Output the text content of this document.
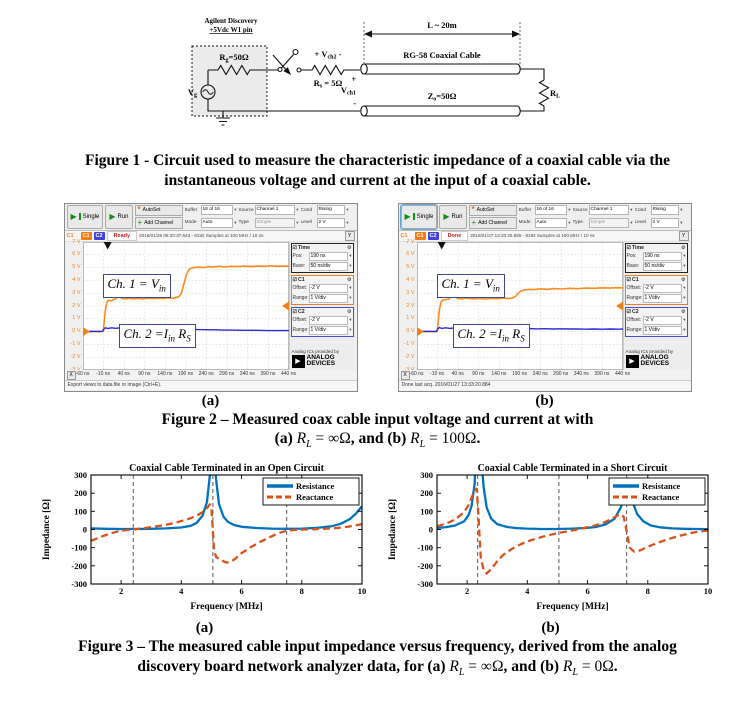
Agilent Discovery
+5Vdc W1 pin
Rg=50Ω
Vg
+ Vch2 -
Rs = 5Ω +
Vch1
-
L ~ 20m
RG-58 Coaxial Cable
Zo=50Ω	RL
Figure 1 - Circuit used to measure the characteristic impedance of a coaxial cable via the
instantaneous voltage and current at the input of a coaxial cable.
▶ Single ▶ Run
* AutoSet
+ Add Channel
Buffer	16 of 16	▾
Mode	Auto	▾
Source Channel 1	▾
Type	Simple	▾
Cond	Rising	▾
Level	2 V	▾
C1	C1	C2	Ready	2016/01/26 09:20:37.643 - 8192 Samples at 100 MHz / 10 ns	Y
7 V
6 V
5 V
4 V
3 V
2 V
1 V
0 V
-1 V
-2 V
Ch. $1 = V_{in}$
Ch. $2 =I_{in}$ $R_S$
☑ Time	⚙
Pos:	190 ns	▾
Base:	50 ns/div	▾
☑ C1	⚙
Offset: -2 V	▾
Range: 1 V/div	▾
☑ C2	⚙
Offset: -2 V	▾
Range: 1 V/div	▾
Analog ICs provided by
▶
ANALOG
DEVICES
X -60 ns -10 ns 40 ns 90 ns 140 ns 190 ns 240 ns 290 ns 340 ns 390 ns 440 ns
Export views to data file or image (Ctrl+E).
(a)
▶ Single ▶ Run
* AutoSet
+ Add Channel
Buffer	16 of 16	▾
Mode	Auto	▾
Source Channel 1	▾
Type	Simple	▾
Cond	Rising	▾
Level	2 V	▾
C1	C1	C2	Done	2016/01/27 13:33:25.865 - 8192 Samples at 100 MHz / 10 ns	Y
7 V
6 V
5 V
4 V
3 V
2 V
1 V
0 V
-1 V
-2 V
Ch. $1 = V_{in}$
Ch. $2 =I_{in}$ $R_S$
☑ Time	⚙
Pos:	190 ns	▾
Base:	50 ns/div	▾
☑ C1	⚙
Offset: -2 V	▾
Range: 1 V/div	▾
☑ C2	⚙
Offset: -2 V	▾
Range: 1 V/div	▾
Analog ICs provided by
▶
ANALOG
DEVICES
X -60 ns -10 ns 40 ns 90 ns 140 ns 190 ns 240 ns 290 ns 340 ns 390 ns 440 ns
Done last acq. 2016/01/27 13:33:20.884
(b)
Figure 2 – Measured coax cable input voltage and current at with
(a) $R_L = \infty\Omega$, and (b) $R_L = 100\Omega$.
2	4	6	8	10
-300
-200
-100
0
100
200
300
Coaxial Cable Terminated in an Open Circuit
Frequency [MHz]
Impedance [Ω]
Resistance
Reactance
(a)
2	4	6	8	10
-300
-200
-100
0
100
200
300
Coaxial Cable Terminated in a Short Circuit
Frequency [MHz]
Impedance [Ω]
Resistance
Reactance
(b)
Figure 3 – The measured cable input impedance versus frequency, derived from the analog
discovery board network analyzer data, for (a) $R_L = \infty\Omega$, and (b) $R_L = 0\Omega$.
